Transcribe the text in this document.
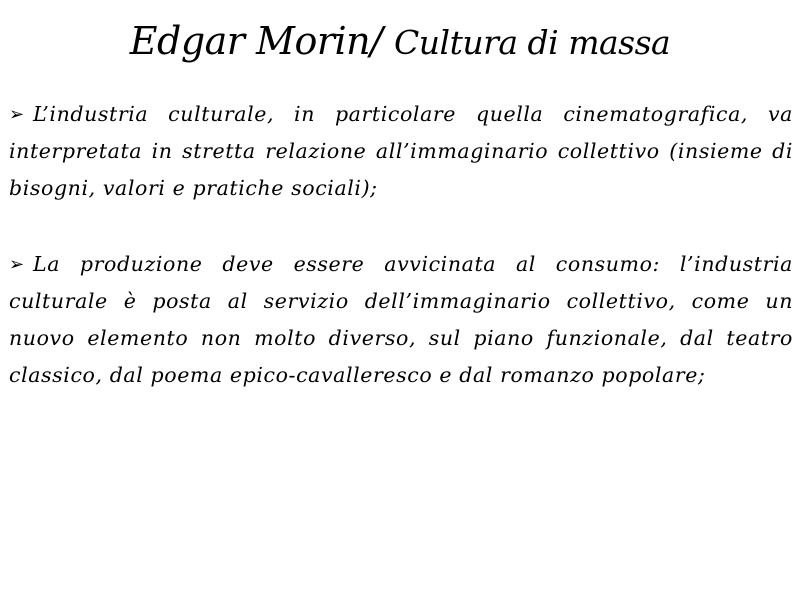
Edgar Morin/ Cultura di massa

➢ L’industria culturale, in particolare quella cinematografica, va interpretata in stretta relazione all’immaginario collettivo (insieme di bisogni, valori e pratiche sociali);

➢ La produzione deve essere avvicinata al consumo: l’industria culturale è posta al servizio dell’immaginario collettivo, come un nuovo elemento non molto diverso, sul piano funzionale, dal teatro classico, dal poema epico-cavalleresco e dal romanzo popolare;
